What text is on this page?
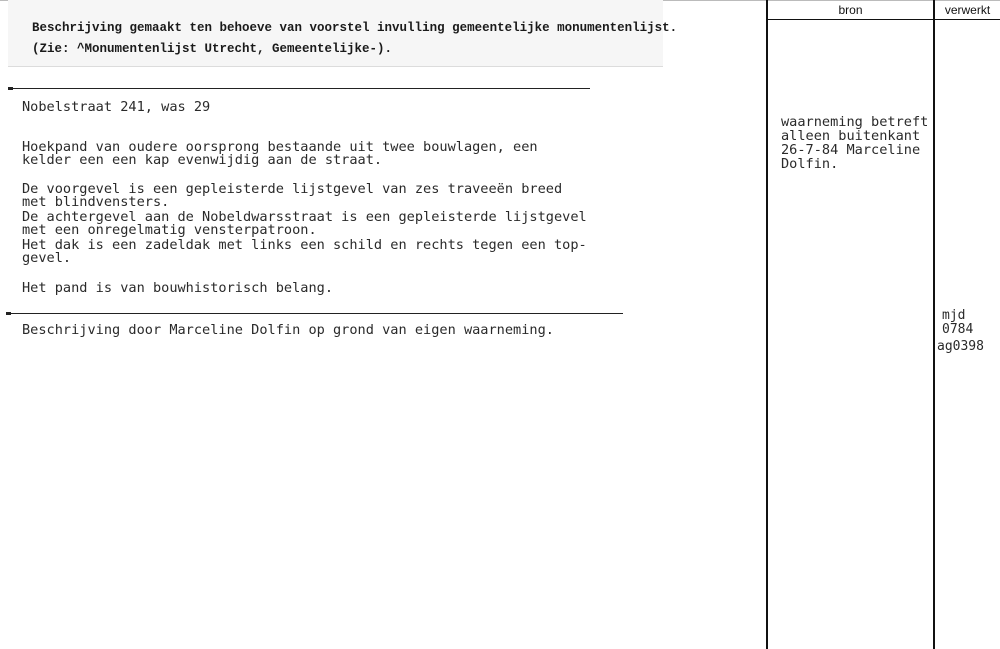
Beschrijving gemaakt ten behoeve van voorstel invulling gemeentelijke monumentenlijst.
(Zie: ^Monumentenlijst Utrecht, Gemeentelijke-).
bron	verwerkt
Nobelstraat 241, was 29
Hoekpand van oudere oorsprong bestaande uit twee bouwlagen, een
kelder een een kap evenwijdig aan de straat.
De voorgevel is een gepleisterde lijstgevel van zes traveeën breed
met blindvensters.
De achtergevel aan de Nobeldwarsstraat is een gepleisterde lijstgevel
met een onregelmatig vensterpatroon.
Het dak is een zadeldak met links een schild en rechts tegen een top-
gevel.
Het pand is van bouwhistorisch belang.
Beschrijving door Marceline Dolfin op grond van eigen waarneming.
waarneming betreft
alleen buitenkant
26-7-84 Marceline
Dolfin.
mjd
0784
ag0398
